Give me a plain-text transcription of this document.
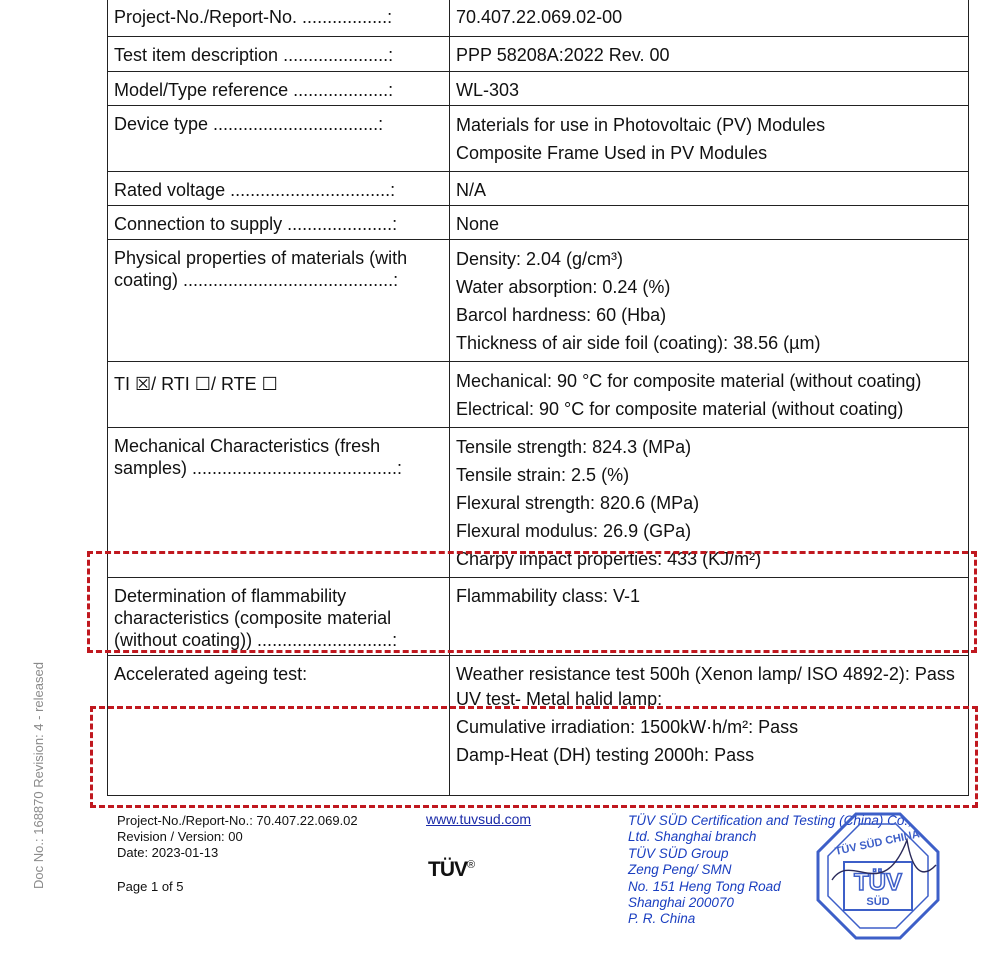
Doc No.: 168870 Revision: 4 - released
Project-No./Report-No. .................:	70.407.22.069.02-00

Test item description .....................:	PPP 58208A:2022 Rev. 00

Model/Type reference ...................:	WL-303

Device type .................................:	Materials for use in Photovoltaic (PV) Modules
Composite Frame Used in PV Modules

Rated voltage ................................:	N/A

Connection to supply .....................:	None

Physical properties of materials (with coating) ..........................................:	Density: 2.04 (g/cm³)
Water absorption: 0.24 (%)
Barcol hardness: 60 (Hba)
Thickness of air side foil (coating): 38.56 (µm)

TI ☒/ RTI ☐/ RTE ☐	Mechanical: 90 °C for composite material (without coating)
Electrical: 90 °C for composite material (without coating)

Mechanical Characteristics (fresh samples) .........................................:	Tensile strength: 824.3 (MPa)
Tensile strain: 2.5 (%)
Flexural strength: 820.6 (MPa)
Flexural modulus: 26.9 (GPa)
Charpy impact properties: 433 (KJ/m²)

Determination of flammability characteristics (composite material (without coating)) ...........................:	Flammability class: V-1

Accelerated ageing test:	Weather resistance test 500h (Xenon lamp/ ISO 4892-2): Pass
UV test- Metal halid lamp:
Cumulative irradiation: 1500kW·h/m²: Pass
Damp-Heat (DH) testing 2000h: Pass
Project-No./Report-No.: 70.407.22.069.02
Revision / Version: 00
Date: 2023-01-13
Page 1 of 5
www.tuvsud.com
TÜV®
TÜV SÜD Certification and Testing (China) Co.,
Ltd. Shanghai branch
TÜV SÜD Group
Zeng Peng/ SMN
No. 151 Heng Tong Road
Shanghai 200070
P. R. China
TÜV SÜD CHINA
TÜV
SÜD
